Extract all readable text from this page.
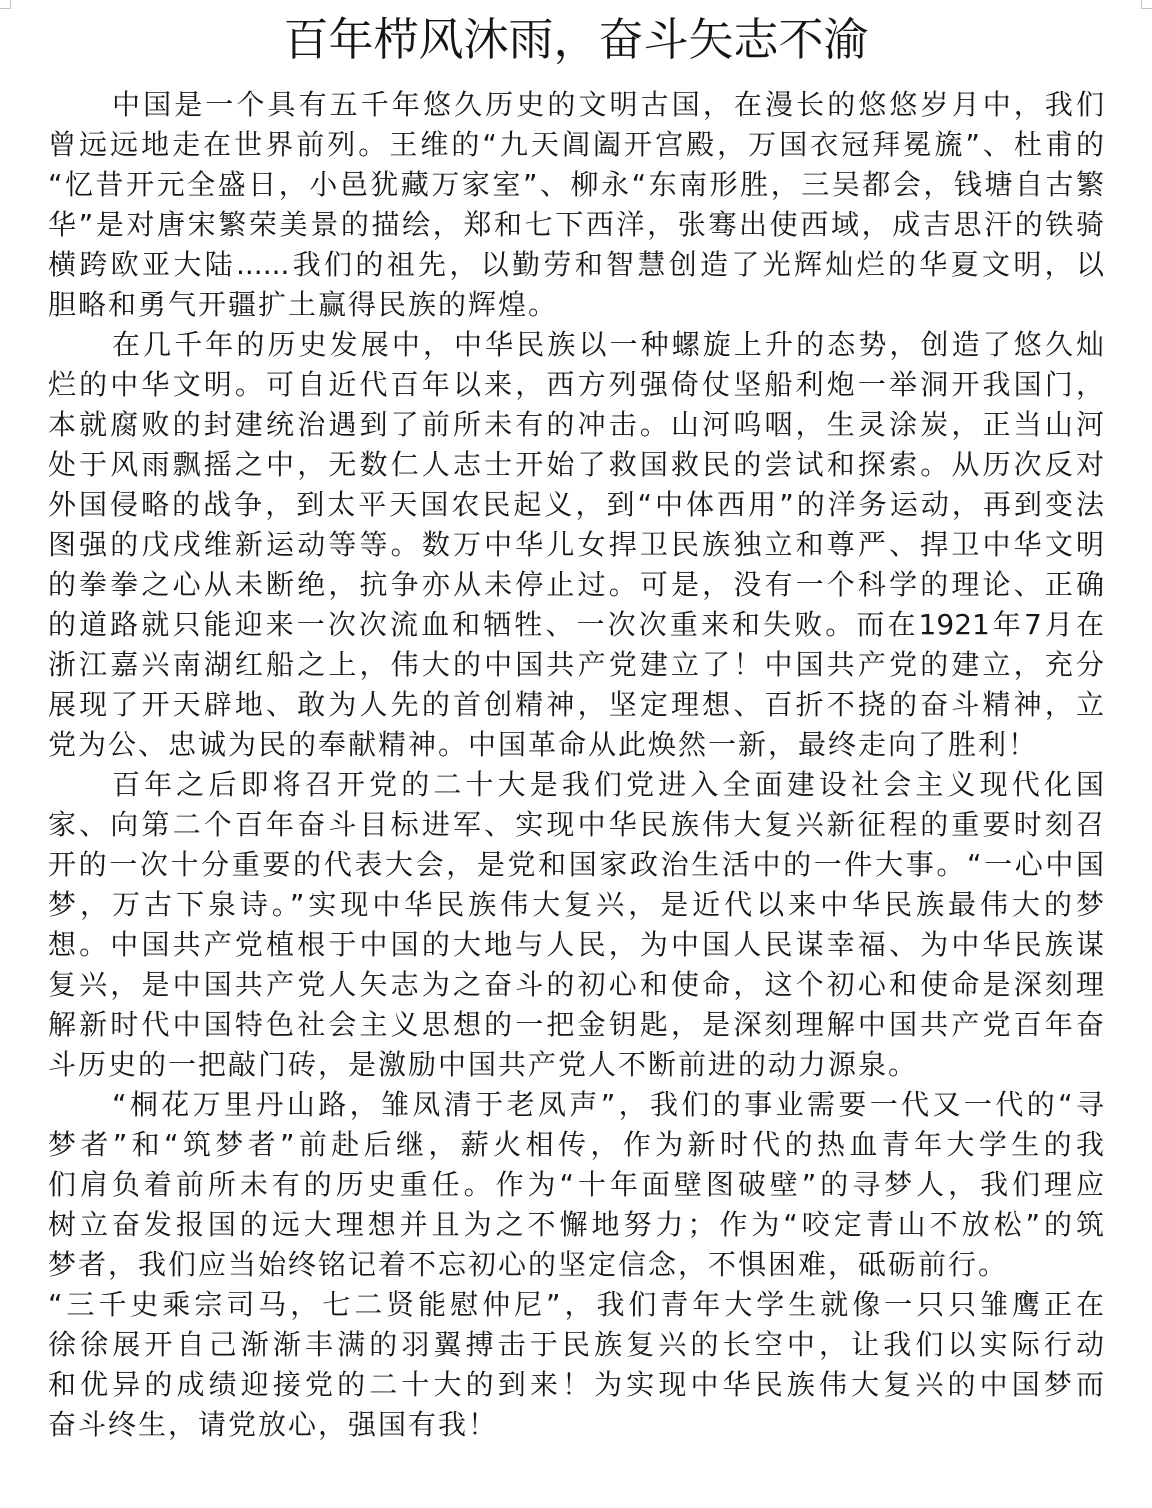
百年栉风沐雨，奋斗矢志不渝
中国是一个具有五千年悠久历史的文明古国，在漫长的悠悠岁月中，我们
曾远远地走在世界前列。王维的“九天阊阖开宫殿，万国衣冠拜冕旒”、杜甫的
“忆昔开元全盛日，小邑犹藏万家室”、柳永“东南形胜，三吴都会，钱塘自古繁
华”是对唐宋繁荣美景的描绘，郑和七下西洋，张骞出使西域，成吉思汗的铁骑
横跨欧亚大陆......我们的祖先，以勤劳和智慧创造了光辉灿烂的华夏文明，以
胆略和勇气开疆扩土赢得民族的辉煌。
在几千年的历史发展中，中华民族以一种螺旋上升的态势，创造了悠久灿
烂的中华文明。可自近代百年以来，西方列强倚仗坚船利炮一举洞开我国门，
本就腐败的封建统治遇到了前所未有的冲击。山河呜咽，生灵涂炭，正当山河
处于风雨飘摇之中，无数仁人志士开始了救国救民的尝试和探索。从历次反对
外国侵略的战争，到太平天国农民起义，到“中体西用”的洋务运动，再到变法
图强的戊戌维新运动等等。数万中华儿女捍卫民族独立和尊严、捍卫中华文明
的拳拳之心从未断绝，抗争亦从未停止过。可是，没有一个科学的理论、正确
的道路就只能迎来一次次流血和牺牲、一次次重来和失败。而在1921年7月在
浙江嘉兴南湖红船之上，伟大的中国共产党建立了！中国共产党的建立，充分
展现了开天辟地、敢为人先的首创精神，坚定理想、百折不挠的奋斗精神，立
党为公、忠诚为民的奉献精神。中国革命从此焕然一新，最终走向了胜利！
百年之后即将召开党的二十大是我们党进入全面建设社会主义现代化国
家、向第二个百年奋斗目标进军、实现中华民族伟大复兴新征程的重要时刻召
开的一次十分重要的代表大会，是党和国家政治生活中的一件大事。“一心中国
梦，万古下泉诗。”实现中华民族伟大复兴，是近代以来中华民族最伟大的梦
想。中国共产党植根于中国的大地与人民，为中国人民谋幸福、为中华民族谋
复兴，是中国共产党人矢志为之奋斗的初心和使命，这个初心和使命是深刻理
解新时代中国特色社会主义思想的一把金钥匙，是深刻理解中国共产党百年奋
斗历史的一把敲门砖，是激励中国共产党人不断前进的动力源泉。
“桐花万里丹山路，雏凤清于老凤声”，我们的事业需要一代又一代的“寻
梦者”和“筑梦者”前赴后继，薪火相传，作为新时代的热血青年大学生的我
们肩负着前所未有的历史重任。作为“十年面壁图破壁”的寻梦人，我们理应
树立奋发报国的远大理想并且为之不懈地努力；作为“咬定青山不放松”的筑
梦者，我们应当始终铭记着不忘初心的坚定信念，不惧困难，砥砺前行。
“三千史乘宗司马，七二贤能慰仲尼”，我们青年大学生就像一只只雏鹰正在
徐徐展开自己渐渐丰满的羽翼搏击于民族复兴的长空中，让我们以实际行动
和优异的成绩迎接党的二十大的到来！为实现中华民族伟大复兴的中国梦而
奋斗终生，请党放心，强国有我！
